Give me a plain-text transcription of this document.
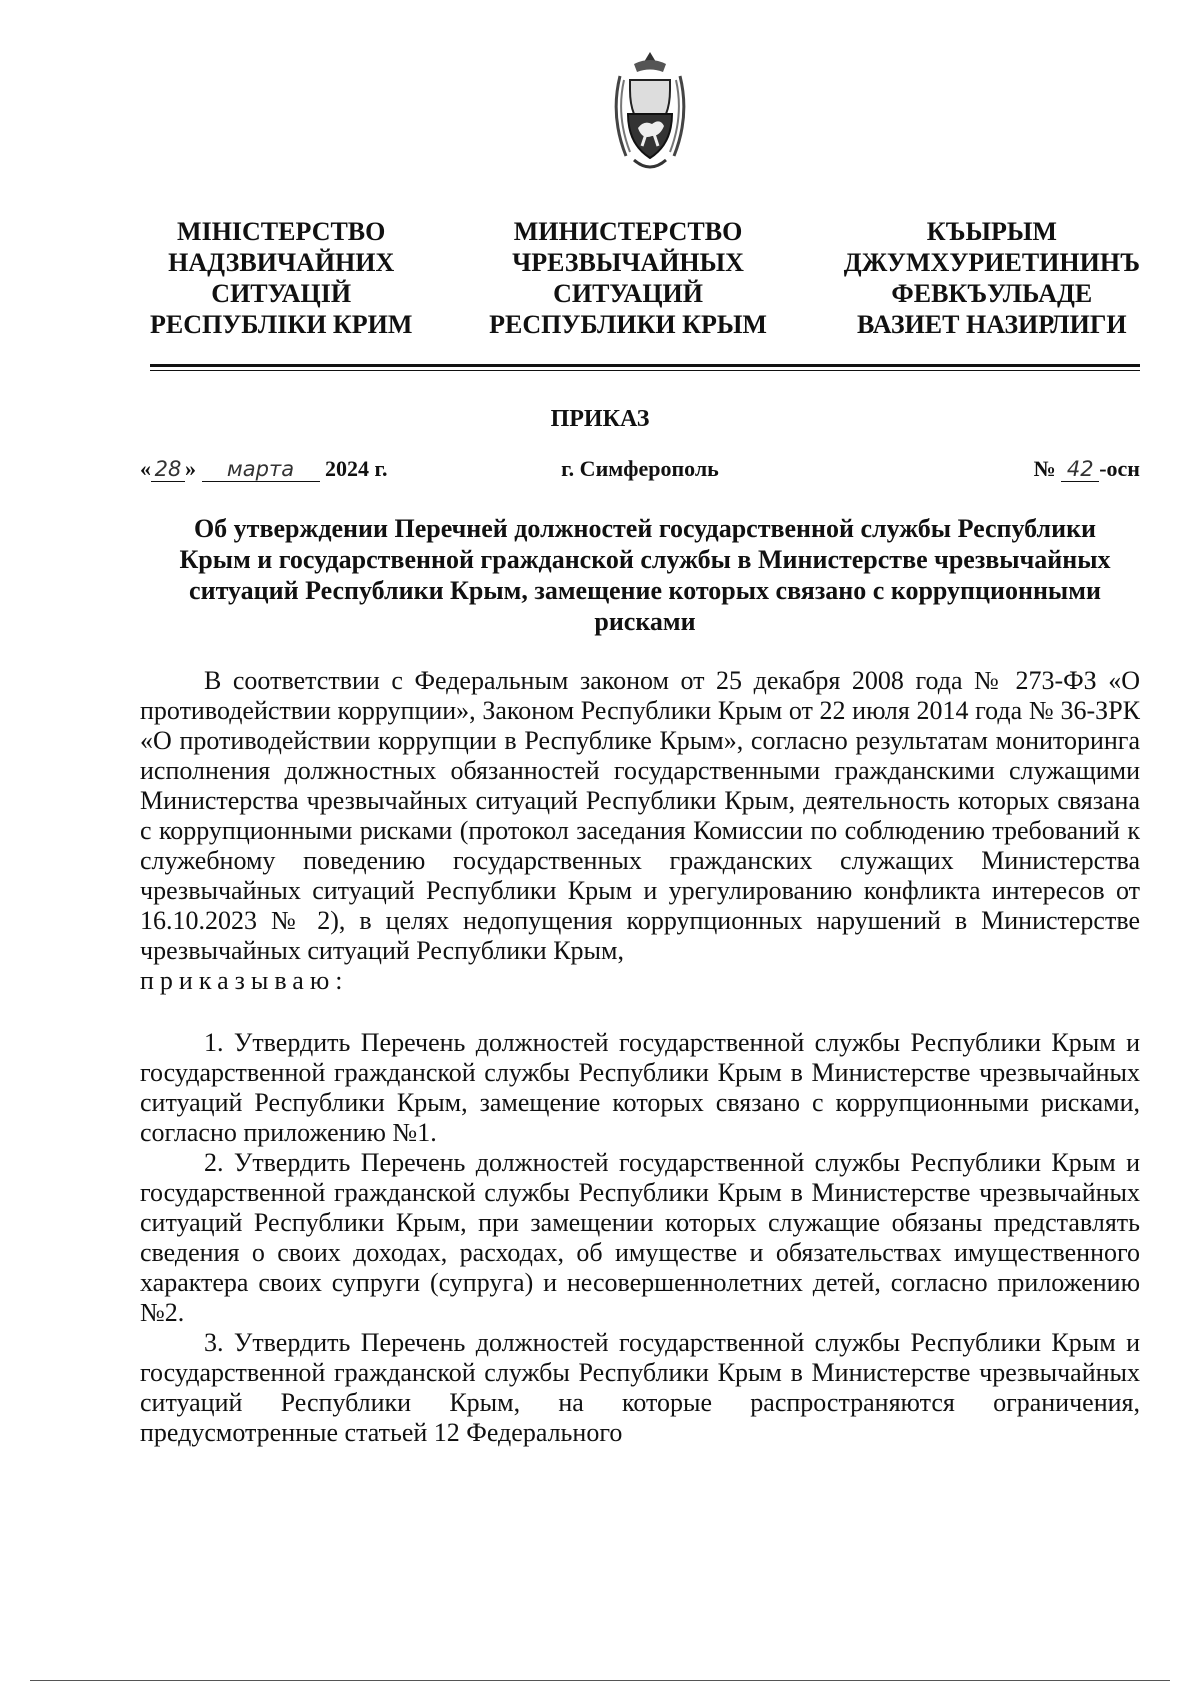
МІНІСТЕРСТВО
НАДЗВИЧАЙНИХ
СИТУАЦІЙ
РЕСПУБЛІКИ КРИМ
МИНИСТЕРСТВО
ЧРЕЗВЫЧАЙНЫХ
СИТУАЦИЙ
РЕСПУБЛИКИ КРЫМ
КЪЫРЫМ
ДЖУМХУРИЕТИНИНЪ
ФЕВКЪУЛЬАДЕ
ВАЗИЕТ НАЗИРЛИГИ
ПРИКАЗ
« 28 » марта 2024 г.	г. Симферополь	№ 42 -осн
Об утверждении Перечней должностей государственной службы Республики Крым и государственной гражданской службы в Министерстве чрезвычайных ситуаций Республики Крым, замещение которых связано с коррупционными рисками

В соответствии с Федеральным законом от 25 декабря 2008 года № 273-ФЗ «О противодействии коррупции», Законом Республики Крым от 22 июля 2014 года № 36-ЗРК «О противодействии коррупции в Республике Крым», согласно результатам мониторинга исполнения должностных обязанностей государственными гражданскими служащими Министерства чрезвычайных ситуаций Республики Крым, деятельность которых связана с коррупционными рисками (протокол заседания Комиссии по соблюдению требований к служебному поведению государственных гражданских служащих Министерства чрезвычайных ситуаций Республики Крым и урегулированию конфликта интересов от 16.10.2023 № 2), в целях недопущения коррупционных нарушений в Министерстве чрезвычайных ситуаций Республики Крым,
приказываю:

1. Утвердить Перечень должностей государственной службы Республики Крым и государственной гражданской службы Республики Крым в Министерстве чрезвычайных ситуаций Республики Крым, замещение которых связано с коррупционными рисками, согласно приложению №1.

2. Утвердить Перечень должностей государственной службы Республики Крым и государственной гражданской службы Республики Крым в Министерстве чрезвычайных ситуаций Республики Крым, при замещении которых служащие обязаны представлять сведения о своих доходах, расходах, об имуществе и обязательствах имущественного характера своих супруги (супруга) и несовершеннолетних детей, согласно приложению №2.

3. Утвердить Перечень должностей государственной службы Республики Крым и государственной гражданской службы Республики Крым в Министерстве чрезвычайных ситуаций Республики Крым, на которые распространяются ограничения, предусмотренные статьей 12 Федерального
